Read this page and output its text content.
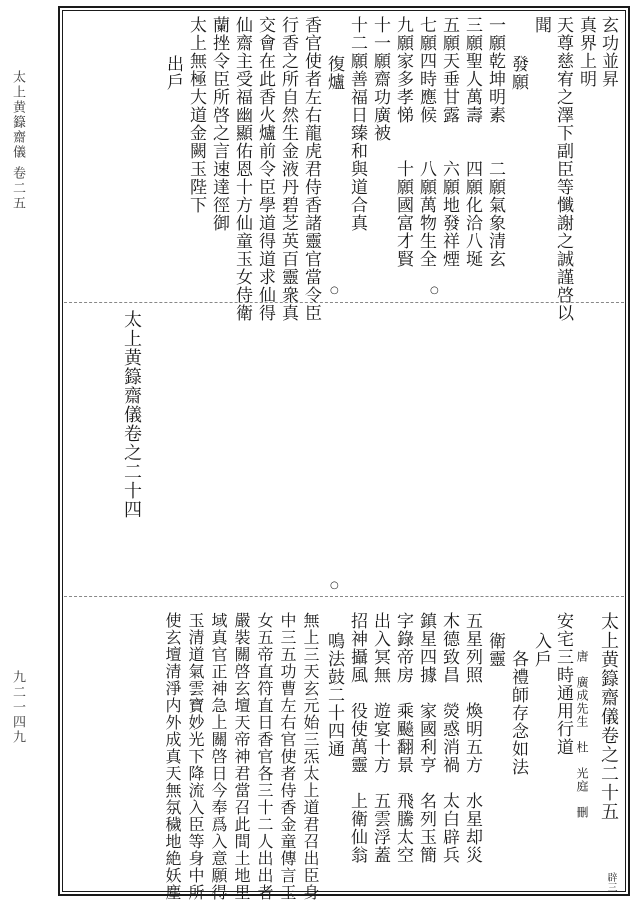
太上黄籙齋儀 卷二五
九二一四九
辟三
玄功並昇
真界上明
天尊慈宥之澤下副臣等懺謝之誠謹啓以
聞
發願
一願乾坤明素　　二願氣象清玄
三願聖人萬壽　　四願化洽八埏
五願天垂甘露　　六願地發祥煙
七願四時應候　　八願萬物生全
九願家多孝悌　　十願國富才賢
十一願齋功廣被
十二願善福日臻和與道合真
復爐
香官使者左右龍虎君侍香諸靈官當令臣
行香之所自然生金液丹碧芝英百靈衆真
交會在此香火爐前令臣學道得道求仙得
仙齋主受福幽顯佑恩十方仙童玉女侍衛
蘭挫令臣所啓之言速達徑御
太上無極大道金闕玉陛下
出戶
太上黄籙齋儀卷之二十四
○
○
○
太上黄籙齋儀卷之二十五
唐　廣成先生　杜　光庭　刪
安宅三時通用行道
入戶
各禮師存念如法
衛靈
五星列照　煥明五方　水星却災
木德致昌　熒惑消禍　太白辟兵
鎮星四據　家國利亨　名列玉簡
字錄帝房　乘飈翻景　飛騰太空
出入冥無　遊宴十方　五雲浮蓋
招神攝風　役使萬靈　上衛仙翁
鳴法鼓二十四通
無上三天玄元始三炁太上道君召出臣身
中三五功曹左右官使者侍香金童傳言玉
女五帝直符直日香官各三十二人出出者
嚴裝關啓玄壇天帝神君當召此間土地里
域真官正神急上關啓日今奉爲入意願得
玉清道氣雲寶妙光下降流入臣等身中所
使玄壇清淨内外成真天無氛穢地絶妖塵
